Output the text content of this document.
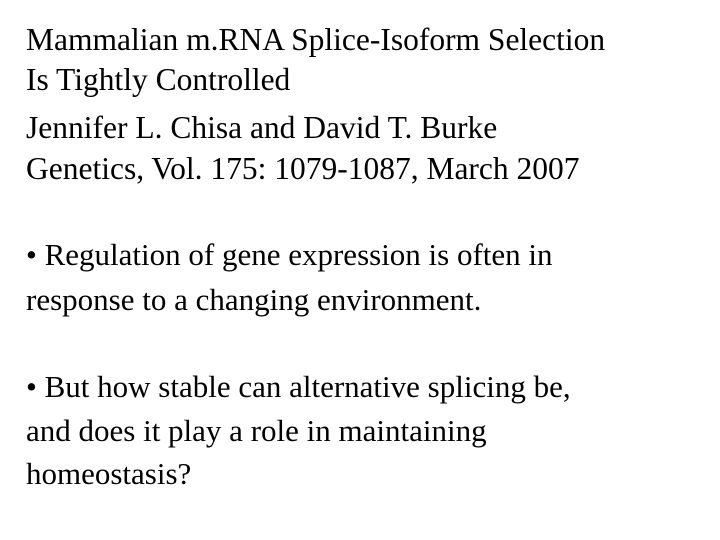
Mammalian m.RNA Splice-Isoform Selection

Is Tightly Controlled

Jennifer L. Chisa and David T. Burke

Genetics, Vol. 175: 1079-1087, March 2007

• Regulation of gene expression is often in

response to a changing environment.

• But how stable can alternative splicing be,

and does it play a role in maintaining

homeostasis?
